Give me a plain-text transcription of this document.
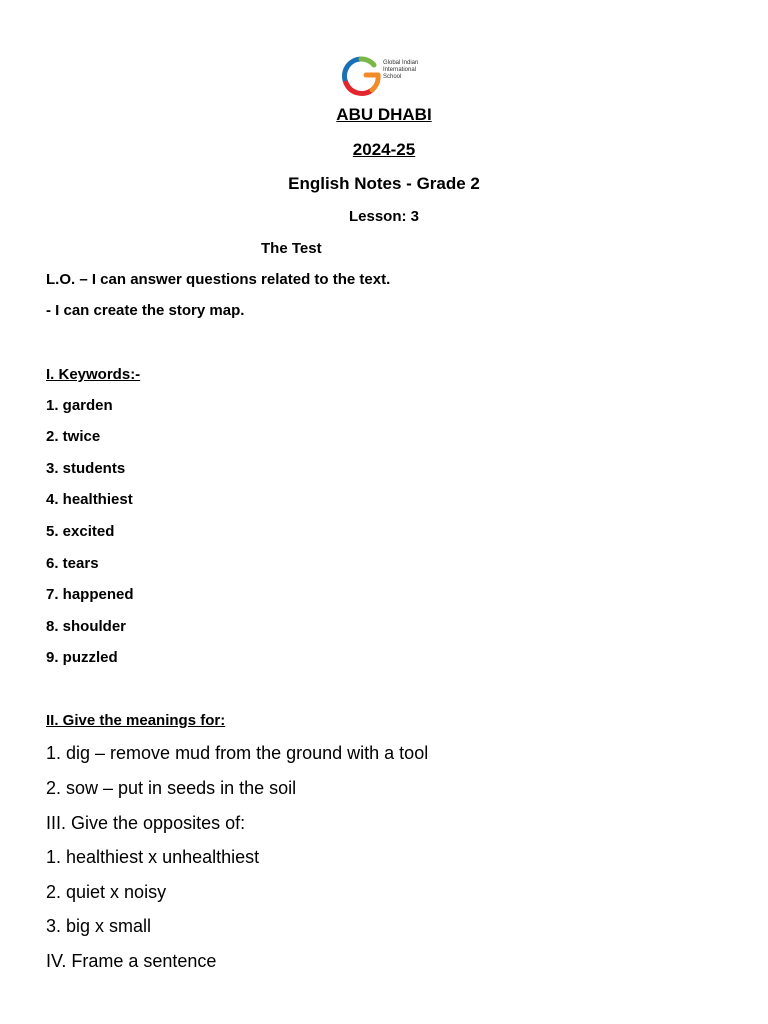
Global Indian
International
School
ABU DHABI
2024-25
English Notes - Grade 2
Lesson: 3
The Test
L.O. – I can answer questions related to the text.
- I can create the story map.
I. Keywords:-
1. garden
2. twice
3. students
4. healthiest
5. excited
6. tears
7. happened
8. shoulder
9. puzzled
II. Give the meanings for:
1. dig – remove mud from the ground with a tool
2. sow – put in seeds in the soil
III. Give the opposites of:
1. healthiest x unhealthiest
2. quiet x noisy
3. big x small
IV. Frame a sentence
